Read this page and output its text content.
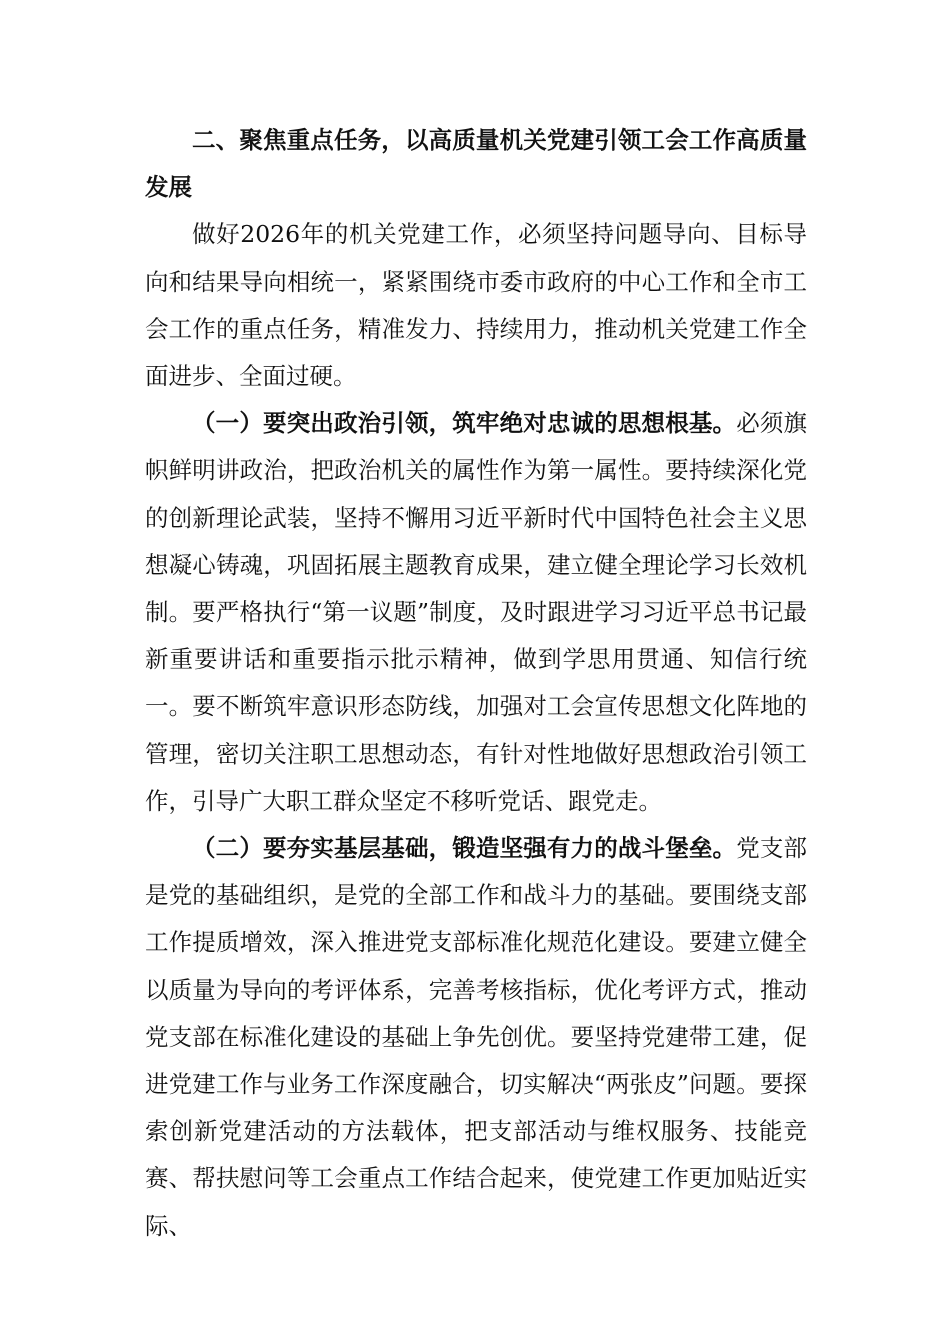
二、聚焦重点任务，以高质量机关党建引领工会工作高质量发展

做好2026年的机关党建工作，必须坚持问题导向、目标导向和结果导向相统一，紧紧围绕市委市政府的中心工作和全市工会工作的重点任务，精准发力、持续用力，推动机关党建工作全面进步、全面过硬。

（一）要突出政治引领，筑牢绝对忠诚的思想根基。必须旗帜鲜明讲政治，把政治机关的属性作为第一属性。要持续深化党的创新理论武装，坚持不懈用习近平新时代中国特色社会主义思想凝心铸魂，巩固拓展主题教育成果，建立健全理论学习长效机制。要严格执行“第一议题”制度，及时跟进学习习近平总书记最新重要讲话和重要指示批示精神，做到学思用贯通、知信行统一。要不断筑牢意识形态防线，加强对工会宣传思想文化阵地的管理，密切关注职工思想动态，有针对性地做好思想政治引领工作，引导广大职工群众坚定不移听党话、跟党走。

（二）要夯实基层基础，锻造坚强有力的战斗堡垒。党支部是党的基础组织，是党的全部工作和战斗力的基础。要围绕支部工作提质增效，深入推进党支部标准化规范化建设。要建立健全以质量为导向的考评体系，完善考核指标，优化考评方式，推动党支部在标准化建设的基础上争先创优。要坚持党建带工建，促进党建工作与业务工作深度融合，切实解决“两张皮”问题。要探索创新党建活动的方法载体，把支部活动与维权服务、技能竞赛、帮扶慰问等工会重点工作结合起来，使党建工作更加贴近实际、
